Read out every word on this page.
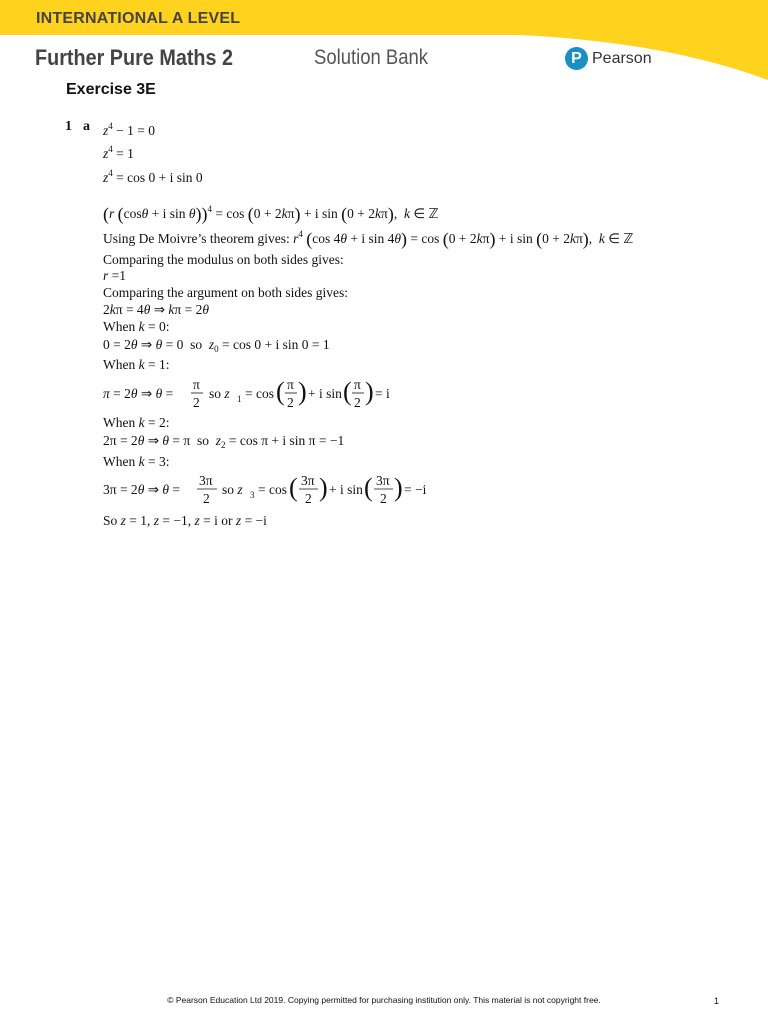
INTERNATIONAL A LEVEL
Further Pure Maths 2	Solution Bank	P Pearson
Exercise 3E
1 a $z^4 - 1 = 0$
$z^4 = 1$
$z^4 = \cos 0 + i$ sin 0
(r (cosθ + i sin θ))$^4$ = cos (0 + 2kπ) + i sin (0 + 2kπ),  k ∈ ℤ
Using De Moivre’s theorem gives: $r^4$ (cos 4θ + i sin 4θ) = cos (0 + 2kπ) + i sin (0 + 2kπ),  k ∈ ℤ
Comparing the modulus on both sides gives:
r =1
Comparing the argument on both sides gives:
2kπ = 4θ ⇒ kπ = 2θ
When k = 0:
0 = 2θ ⇒ θ = 0  so  $z_0 = \cos 0 + i$ sin 0 = 1
When k = 1:
π = 2θ ⇒ θ =
π
2
so z 1 = cos ( π
2 ) + i sin ( π
2 ) = i
When k = 2:
2π = 2θ ⇒ θ = π  so  $z_2 = \cos \pi + i$ sin π = −1
When k = 3:
3π = 2θ ⇒ θ =
3π
2
so z 3 = cos ( 3π
2 ) + i sin ( 3π
2 ) = −i
So z = 1, z = −1, z = i or z = −i
© Pearson Education Ltd 2019. Copying permitted for purchasing institution only. This material is not copyright free.	1
